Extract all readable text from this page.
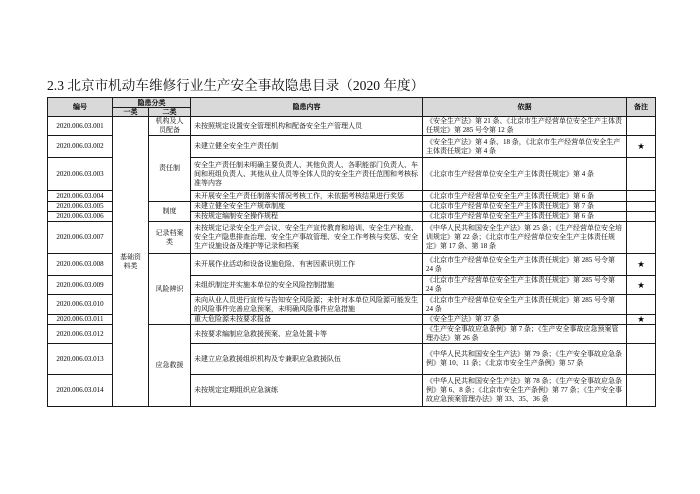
2.3 北京市机动车维修行业生产安全事故隐患目录（2020 年度）
编号	隐患分类		隐患内容	依据	备注
	一类	二类			
2020.006.03.001	基础资料类	机构及人员配备	未按照规定设置安全管理机构和配备安全生产管理人员	《安全生产法》第 21 条、《北京市生产经营单位安全生产主体责任规定》第 285 号令第 12 条	
2020.006.03.002		责任制	未建立健全安全生产责任制	《安全生产法》第 4 条、18 条，《北京市生产经营单位安全生产主体责任规定》第 4 条	★
2020.006.03.003			安全生产责任制未明确主要负责人、其他负责人、各职能部门负责人、车间和班组负责人、其他从业人员等全体人员的安全生产责任范围和考核标准等内容	《北京市生产经营单位安全生产主体责任规定》第 4 条	
2020.006.03.004			未开展安全生产责任制落实情况考核工作，未依据考核结果进行奖惩	《北京市生产经营单位安全生产主体责任规定》第 6 条	
2020.006.03.005		制度	未建立健全安全生产规章制度	《北京市生产经营单位安全生产主体责任规定》第 7 条	
2020.006.03.006			未按规定编制安全操作规程	《北京市生产经营单位安全生产主体责任规定》第 6 条	
2020.006.03.007		记录档案类	未按规定记录安全生产会议、安全生产宣传教育和培训、安全生产检查、安全生产隐患排查治理、安全生产事故管理、安全工作考核与奖惩、安全生产设施设备及维护等记录和档案	《中华人民共和国安全生产法》第 25 条；《生产经营单位安全培训规定》第 22 条；《北京市生产经营单位安全生产主体责任规定》第 17 条、第 18 条	
2020.006.03.008		风险辨识	未开展作业活动和设备设施危险、有害因素识别工作	《北京市生产经营单位安全生产主体责任规定》第 285 号令第 24 条	★
2020.006.03.009			未组织制定并实施本单位的安全风险控制措施	《北京市生产经营单位安全生产主体责任规定》第 285 号令第 24 条	★
2020.006.03.010			未向从业人员进行宣传与告知安全风险源；未针对本单位风险源可能发生的风险事件完善应急预案，未明确风险事件应急措施	《北京市生产经营单位安全生产主体责任规定》第 285 号令第 24 条	
2020.006.03.011			重大危险源未按要求报备	《安全生产法》第 37 条	★
2020.006.03.012		应急救援	未按要求编制应急救援预案、应急处置卡等	《生产安全事故应急条例》第 7 条；《生产安全事故应急预案管理办法》第 26 条	
2020.006.03.013			未建立应急救援组织机构及专兼职应急救援队伍	《中华人民共和国安全生产法》第 79 条；《生产安全事故应急条例》第 10、11 条；《北京市安全生产条例》第 57 条	
2020.006.03.014			未按规定定期组织应急演练	《中华人民共和国安全生产法》第 78 条；《生产安全事故应急条例》第 6、8 条；《北京市安全生产条例》第 77 条；《生产安全事故应急预案管理办法》第 33、35、36 条	
